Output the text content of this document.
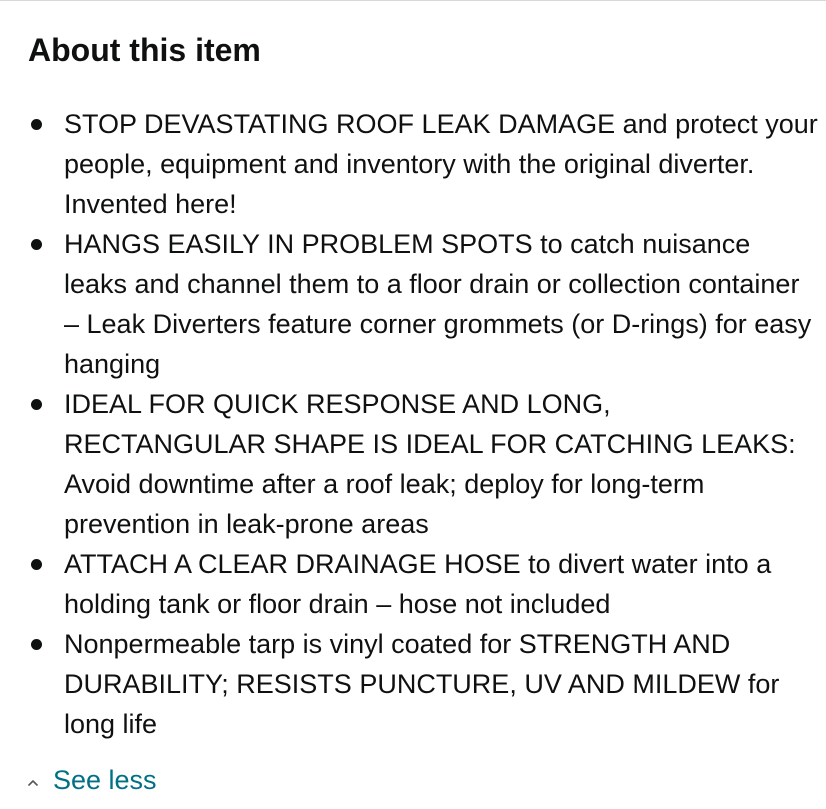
About this item
STOP DEVASTATING ROOF LEAK DAMAGE and protect your people, equipment and inventory with the original diverter. Invented here!
HANGS EASILY IN PROBLEM SPOTS to catch nuisance leaks and channel them to a floor drain or collection container – Leak Diverters feature corner grommets (or D-rings) for easy hanging
IDEAL FOR QUICK RESPONSE AND LONG, RECTANGULAR SHAPE IS IDEAL FOR CATCHING LEAKS: Avoid downtime after a roof leak; deploy for long-term prevention in leak-prone areas
ATTACH A CLEAR DRAINAGE HOSE to divert water into a holding tank or floor drain – hose not included
Nonpermeable tarp is vinyl coated for STRENGTH AND DURABILITY; RESISTS PUNCTURE, UV AND MILDEW for long life
See less
